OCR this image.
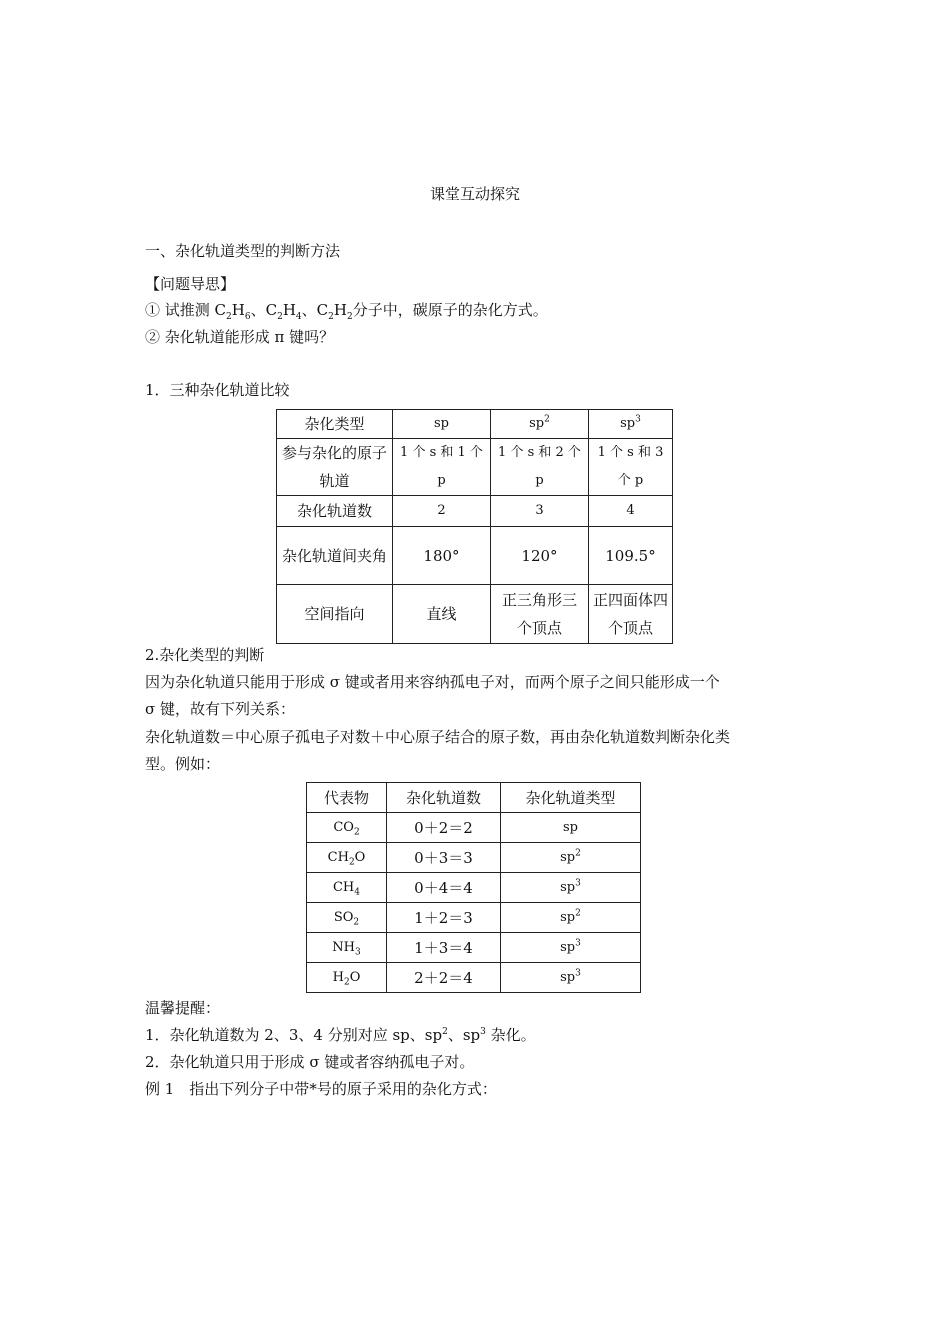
课堂互动探究
一、杂化轨道类型的判断方法
【问题导思】
① 试推测 $C_2H_6$、$C_2H_4$、$C_2H_2$分子中，碳原子的杂化方式。
② 杂化轨道能形成 π 键吗？
1．三种杂化轨道比较
杂化类型	sp	$sp^2$	$sp^3$
参与杂化的原子轨道	1 个 s 和 1 个 p	1 个 s 和 2 个 p	1 个 s 和 3 个 p
杂化轨道数	2	3	4
杂化轨道间夹角	180°	120°	109.5°
空间指向	直线	正三角形三个顶点	正四面体四个顶点
2.杂化类型的判断
因为杂化轨道只能用于形成 σ 键或者用来容纳孤电子对，而两个原子之间只能形成一个
σ 键，故有下列关系：
杂化轨道数＝中心原子孤电子对数＋中心原子结合的原子数，再由杂化轨道数判断杂化类
型。例如：
代表物	杂化轨道数	杂化轨道类型
$CO_2$	0＋2＝2	sp
$CH_2O$	0＋3＝3	$sp^2$
$CH_4$	0＋4＝4	$sp^3$
$SO_2$	1＋2＝3	$sp^2$
$NH_3$	1＋3＝4	$sp^3$
$H_2O$	2＋2＝4	$sp^3$
温馨提醒：
1．杂化轨道数为 2、3、4 分别对应 sp、$sp^2$、$sp^3$ 杂化。
2．杂化轨道只用于形成 σ 键或者容纳孤电子对。
例 1　指出下列分子中带*号的原子采用的杂化方式：
